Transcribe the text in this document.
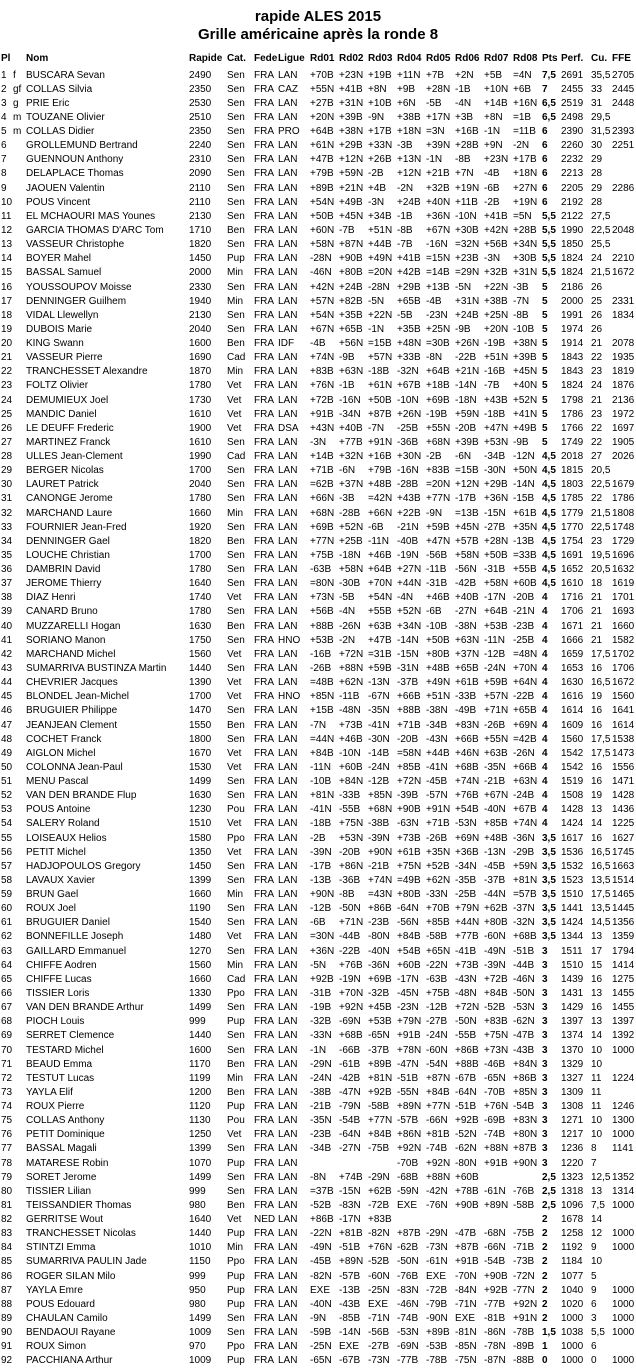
rapide ALES 2015
Grille américaine après la ronde 8
Pl	Nom	Rapide Cat. Fede Ligue Rd01 Rd02 Rd03 Rd04 Rd05 Rd06 Rd07 Rd08 Pts Perf. Cu. FFE
1 f	BUSCARA Sevan	2490	Sen FRA LAN	+70B +23N +19B +11N +7B	+2N	+5B	=4N	7,5 2691 35,5 2705
2 gf COLLAS Silvia	2350	Sen FRA CAZ	+55N +41B +8N	+9B	+28N -1B	+10N +6B	7	2455 33 2445
3 g PRIE Eric	2530	Sen FRA LAN	+27B +31N +10B +6N	-5B	-4N	+14B +16N 6,5 2519 31 2448
4 m TOUZANE Olivier	2510	Sen FRA LAN	+20N +39B -9N	+38B +17N +3B	+8N	=1B	6,5 2498 29,5
5 m COLLAS Didier	2350	Sen FRA PRO	+64B +38N +17B +18N =3N	+16B -1N	=11B 6	2390 31,5 2393
6	GROLLEMUND Bertrand	2240	Sen FRA LAN	+61N +29B +33N -3B	+39N +28B +9N	-2N	6	2260 30 2251
7	GUENNOUN Anthony	2310	Sen FRA LAN	+47B +12N +26B +13N -1N	-8B	+23N +17B 6	2232 29
8	DELAPLACE Thomas	2090	Sen FRA LAN	+79B +59N -2B	+12N +21B +7N	-4B	+18N 6	2213 28
9	JAOUEN Valentin	2110	Sen FRA LAN	+89B +21N +4B	-2N	+32B +19N -6B	+27N 6	2205 29 2286
10	POUS Vincent	2110	Sen FRA LAN	+54N +49B -3N	+24B +40N +11B -2B	+19N 6	2192 28
11	EL MCHAOURI MAS Younes	2130	Sen FRA LAN	+50B +45N +34B -1B	+36N -10N +41B =5N	5,5 2122 27,5
12	GARCIA THOMAS D'ARC Tom	1710	Ben FRA LAN	+60N -7B	+51N -8B	+67N +30B +42N +28B 5,5 1990 22,5 2048
13	VASSEUR Christophe	1820	Sen FRA LAN	+58N +87N +44B -7B	-16N =32N +56B +34N 5,5 1850 25,5
14	BOYER Mahel	1450	Pup FRA LAN	-28N +90B +49N +41B =15N +23B -3N	+30B 5,5 1824 24 2210
15	BASSAL Samuel	2000	Min	FRA LAN	-46N +80B =20N +42B =14B =29N +32B +31N 5,5 1824 21,5 1672
16	YOUSSOUPOV Moisse	2330	Sen FRA LAN	+42N +24B -28N +29B +13B -5N	+22N -3B	5	2186 26
17	DENNINGER Guilhem	1940	Min	FRA LAN	+57N +82B -5N	+65B -4B	+31N +38B -7N	5	2000 25 2331
18	VIDAL Llewellyn	2130	Sen FRA LAN	+54N +35B +22N -5B	-23N +24B +25N -8B	5	1991 26 1834
19	DUBOIS Marie	2040	Sen FRA LAN	+67N +65B -1N	+35B +25N -9B	+20N -10B 5	1974 26
20	KING Swann	1600	Ben FRA IDF	-4B	+56N =15B +48N =30B +26N -19B +38N 5	1914 21 2078
21	VASSEUR Pierre	1690	Cad FRA LAN	+74N -9B	+57N +33B -8N	-22B +51N +39B 5	1843 22 1935
22	TRANCHESSET Alexandre	1870	Min	FRA LAN	+83B +63N -18B -32N +64B +21N -16B +45N 5	1843 23 1819
23	FOLTZ Olivier	1780	Vet	FRA LAN	+76N -1B	+61N +67B +18B -14N -7B	+40N 5	1824 24 1876
24	DEMUMIEUX Joel	1730	Vet	FRA LAN	+72B -16N +50B -10N +69B -18N +43B +52N 5	1798 21 2136
25	MANDIC Daniel	1610	Vet	FRA LAN	+91B -34N +87B +26N -19B +59N -18B +41N 5	1786 23 1972
26	LE DEUFF Frederic	1900	Vet	FRA DSA	+43N +40B -7N	-25B +55N -20B +47N +49B 5	1766 22 1697
27	MARTINEZ Franck	1610	Sen FRA LAN	-3N	+77B +91N -36B +68N +39B +53N -9B	5	1749 22 1905
28	ULLES Jean-Clement	1990	Cad FRA LAN	+14B +32N +16B +30N -2B	-6N	-34B -12N 4,5 2018 27 2026
29	BERGER Nicolas	1700	Sen FRA LAN	+71B -6N	+79B -16N +83B =15B -30N +50N 4,5 1815 20,5
30	LAURET Patrick	2040	Sen FRA LAN	=62B +37N +48B -28B =20N +12N +29B -14N 4,5 1803 22,5 1679
31	CANONGE Jerome	1780	Sen FRA LAN	+66N -3B	=42N +43B +77N -17B +36N -15B 4,5 1785 22 1786
32	MARCHAND Laure	1660	Min	FRA LAN	+68N -28B +66N +22B -9N	=13B -15N +61B 4,5 1779 21,5 1808
33	FOURNIER Jean-Fred	1920	Sen FRA LAN	+69B +52N -6B	-21N +59B +45N -27B +35N 4,5 1770 22,5 1748
34	DENNINGER Gael	1820	Ben FRA LAN	+77N +25B -11N -40B +47N +57B +28N -13B 4,5 1754 23 1729
35	LOUCHE Christian	1700	Sen FRA LAN	+75B -18N +46B -19N -56B +58N +50B =33B 4,5 1691 19,5 1696
36	DAMBRIN David	1780	Sen FRA LAN	-63B +58N +64B +27N -11B -56N -31B +55B 4,5 1652 20,5 1632
37	JEROME Thierry	1640	Sen FRA LAN	=80N -30B +70N +44N -31B -42B +58N +60B 4,5 1610 18 1619
38	DIAZ Henri	1740	Vet	FRA LAN	+73N -5B	+54N -4N	+46B +40B -17N -20B 4	1716 21 1701
39	CANARD Bruno	1780	Sen FRA LAN	+56B -4N	+55B +52N -6B	-27N +64B -21N 4	1706 21 1693
40	MUZZARELLI Hogan	1630	Ben FRA LAN	+88B -26N +63B +34N -10B -38N +53B -23B 4	1671 21 1660
41	SORIANO Manon	1750	Sen FRA HNO +53B -2N	+47B -14N +50B +63N -11N -25B 4	1666 21 1582
42	MARCHAND Michel	1560	Vet	FRA LAN	-16B +72N =31B -15N +80B +37N -12B =48N 4	1659 17,5 1702
43	SUMARRIVA BUSTINZA Martin	1440	Sen FRA LAN	-26B +88N +59B -31N +48B +65B -24N +70N 4	1653 16 1706
44	CHEVRIER Jacques	1390	Vet	FRA LAN	=48B +62N -13N -37B +49N +61B +59B +64N 4	1630 16,5 1672
45	BLONDEL Jean-Michel	1700	Vet	FRA HNO +85N -11B -67N +66B +51N -33B +57N -22B 4	1616 19 1560
46	BRUGUIER Philippe	1470	Sen FRA LAN	+15B -48N -35N +88B -38N -49B +71N +65B 4	1614 16 1641
47	JEANJEAN Clement	1550	Ben FRA LAN	-7N	+73B -41N +71B -34B +83N -26B +69N 4	1609 16 1614
48	COCHET Franck	1800	Sen FRA LAN	=44N +46B -30N -20B -43N +66B +55N =42B 4	1560 17,5 1538
49	AIGLON Michel	1670	Vet	FRA LAN	+84B -10N -14B =58N +44B +46N +63B -26N 4	1542 17,5 1473
50	COLONNA Jean-Paul	1530	Vet	FRA LAN	-11N +60B -24N +85B -41N +68B -35N +66B 4	1542 16 1556
51	MENU Pascal	1499	Sen FRA LAN	-10B +84N -12B +72N -45B +74N -21B +63N 4	1519 16 1471
52	VAN DEN BRANDE Flup	1630	Sen FRA LAN	+81N -33B +85N -39B -57N +76B +67N -24B 4	1508 19 1428
53	POUS Antoine	1230	Pou FRA LAN	-41N -55B +68N +90B +91N +54B -40N +67B 4	1428 13 1436
54	SALERY Roland	1510	Vet	FRA LAN	-18B +75N -38B -63N +71B -53N +85B +74N 4	1424 14 1225
55	LOISEAUX Helios	1580	Ppo FRA LAN	-2B	+53N -39N +73B -26B +69N +48B -36N 3,5 1617 16 1627
56	PETIT Michel	1350	Vet	FRA LAN	-39N -20B +90N +61B +35N +36B -13N -29B 3,5 1536 16,5 1745
57	HADJOPOULOS Gregory	1450	Sen FRA LAN	-17B +86N -21B +75N +52B -34N -45B +59N 3,5 1532 16,5 1663
58	LAVAUX Xavier	1399	Sen FRA LAN	-13B -36B +74N =49B +62N -35B -37B +81N 3,5 1523 13,5 1514
59	BRUN Gael	1660	Min	FRA LAN	+90N -8B	=43N +80B -33N -25B -44N =57B 3,5 1510 17,5 1465
60	ROUX Joel	1190	Sen FRA LAN	-12B -50N +86B -64N +70B +79N +62B -37N 3,5 1441 13,5 1445
61	BRUGUIER Daniel	1540	Sen FRA LAN	-6B	+71N -23B -56N +85B +44N +80B -32N 3,5 1424 14,5 1356
62	BONNEFILLE Joseph	1480	Vet	FRA LAN	=30N -44B -80N +84B -58B +77B -60N +68B 3,5 1344 13 1359
63	GAILLARD Emmanuel	1270	Sen FRA LAN	+36N -22B -40N +54B +65N -41B -49N -51B 3	1511 17 1794
64	CHIFFE Aodren	1560	Min	FRA LAN	-5N	+76B -36N +60B -22N +73B -39N -44B 3	1510 15 1414
65	CHIFFE Lucas	1660	Cad FRA LAN	+92B -19N +69B -17N -63B -43N +72B -46N 3	1439 16 1275
66	TISSIER Loris	1330	Ppo FRA LAN	-31B +70N -32B -45N +75B -48N +84B -50N 3	1431 13 1455
67	VAN DEN BRANDE Arthur	1499	Sen FRA LAN	-19B +92N +45B -23N -12B +72N -52B -53N 3	1429 16 1455
68	PIOCH Louis	999	Pup FRA LAN	-32B -69N +53B +79N -27B -50N +83B -62N 3	1397 13 1397
69	SERRET Clemence	1440	Sen FRA LAN	-33N +68B -65N +91B -24N -55B +75N -47B 3	1374 14 1392
70	TESTARD Michel	1600	Sen FRA LAN	-1N	-66B -37B +78N -60N +86B +73N -43B 3	1370 10 1000
71	BEAUD Emma	1170	Ben FRA LAN	-29N -61B +89B -47N -54N +88B -46B +84N 3	1329 10
72	TESTUT Lucas	1199	Min	FRA LAN	-24N -42B +81N -51B +87N -67B -65N +86B 3	1327 11	1224
73	YAYLA Elif	1200	Ben FRA LAN	-38B -47N +92B -55N +84B -64N -70B +85N 3	1309 11
74	ROUX Pierre	1120	Pup FRA LAN	-21B -79N -58B +89N +77N -51B +76N -54B 3	1308 11	1246
75	COLLAS Anthony	1130	Pou FRA LAN	-35N -54B +77N -57B -66N +92B -69B +83N 3	1271 10 1300
76	PETIT Dominique	1250	Vet	FRA LAN	-23B -64N +84B +86N +81B -52N -74B +80N 3	1217 10 1000
77	BASSAL Magali	1399	Sen FRA LAN	-34B -27N -75B +92N -74B -62N +88N +87B 3	1236 8	1141
78	MATARESE Robin	1070	Pup FRA LAN	-70B +92N -80N +91B +90N 3	1220 7
79	SORET Jerome	1499	Sen FRA LAN	-8N	+74B -29N -68B +88N +60B	2,5 1323 12,5 1352
80	TISSIER Lilian	999	Sen FRA LAN	=37B -15N +62B -59N -42N +78B -61N -76B 2,5 1318 13 1314
81	TEISSANDIER Thomas	980	Ben FRA LAN	-52B -83N -72B EXE -76N +90B +89N -58B 2,5 1096 7,5 1000
82	GERRITSE Wout	1640	Vet	NED LAN	+86B -17N +83B	2	1678 14
83	TRANCHESSET Nicolas	1440	Pup FRA LAN	-22N +81B -82N +87B -29N -47B -68N -75B 2	1258 12 1000
84	STINTZI Emma	1010	Min	FRA LAN	-49N -51B +76N -62B -73N +87B -66N -71B 2	1192 9	1000
85	SUMARRIVA PAULIN Jade	1150	Ppo FRA LAN	-45B +89N -52B -50N -61N +91B -54B -73B 2	1184 10
86	ROGER SILAN Milo	999	Pup FRA LAN	-82N -57B -60N -76B EXE -70N +90B -72N 2	1077 5
87	YAYLA Emre	950	Pup FRA LAN	EXE -13B -25N -83N -72B -84N +92B -77N 2	1040 9	1000
88	POUS Edouard	980	Pup FRA LAN	-40N -43B EXE -46N -79B -71N -77B +92N 2	1020 6	1000
89	CHAULAN Camilo	1499	Sen FRA LAN	-9N	-85B -71N -74B -90N EXE -81B +91N 2	1000 3	1000
90	BENDAOUI Rayane	1009	Sen FRA LAN	-59B -14N -56B -53N +89B -81N -86N -78B 1,5 1038 5,5 1000
91	ROUX Simon	970	Ppo FRA LAN	-25N EXE -27B -69N -53B -85N -78N -89B 1	1000 6
92	PACCHIANA Arthur	1009	Pup FRA LAN	-65N -67B -73N -77B -78B -75N -87N -88B 0	1000 0	1000
